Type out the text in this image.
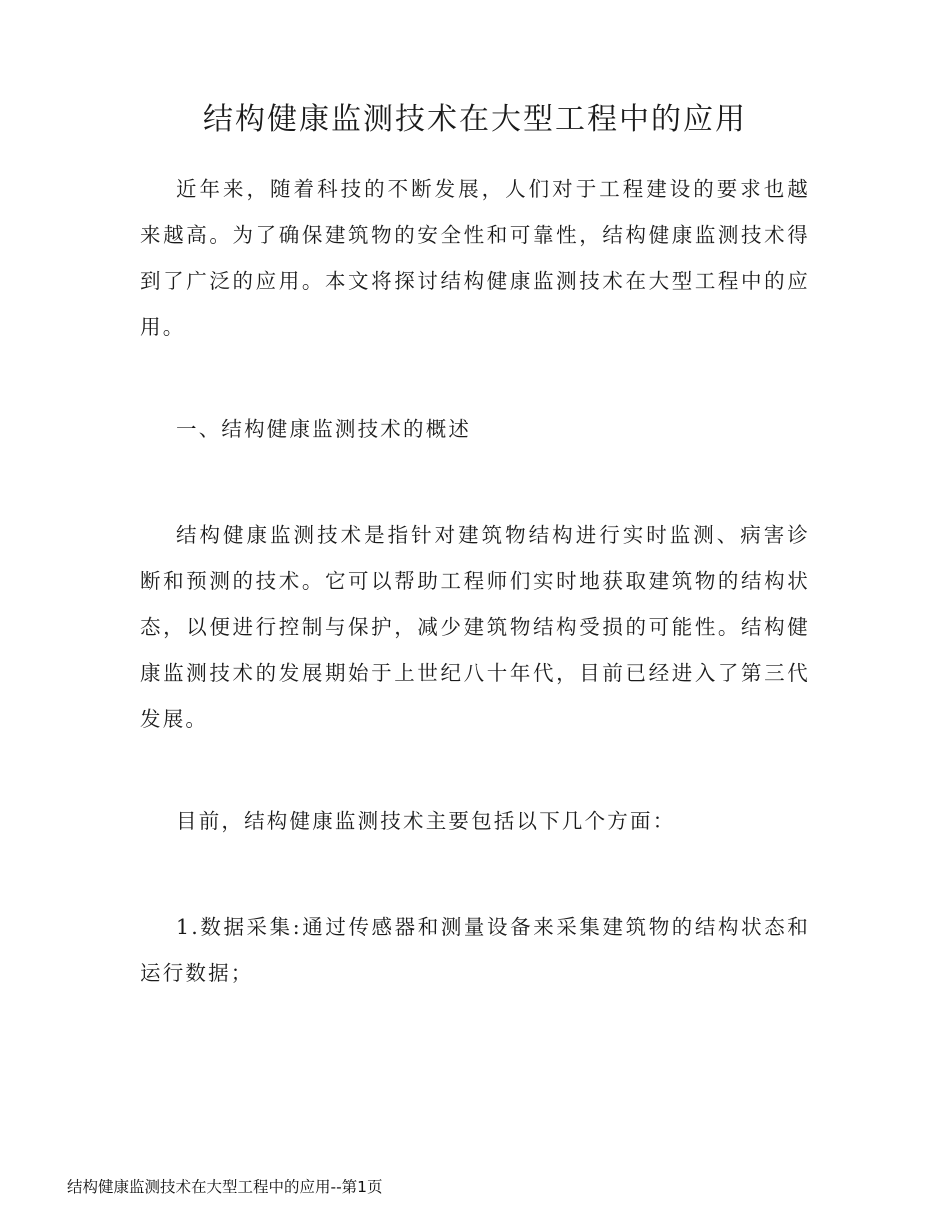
结构健康监测技术在大型工程中的应用

近年来，随着科技的不断发展，人们对于工程建设的要求也越来越高。为了确保建筑物的安全性和可靠性，结构健康监测技术得到了广泛的应用。本文将探讨结构健康监测技术在大型工程中的应用。

一、结构健康监测技术的概述

结构健康监测技术是指针对建筑物结构进行实时监测、病害诊断和预测的技术。它可以帮助工程师们实时地获取建筑物的结构状态，以便进行控制与保护，减少建筑物结构受损的可能性。结构健康监测技术的发展期始于上世纪八十年代，目前已经进入了第三代发展。

目前，结构健康监测技术主要包括以下几个方面：

1.数据采集:通过传感器和测量设备来采集建筑物的结构状态和运行数据；

结构健康监测技术在大型工程中的应用--第1页
